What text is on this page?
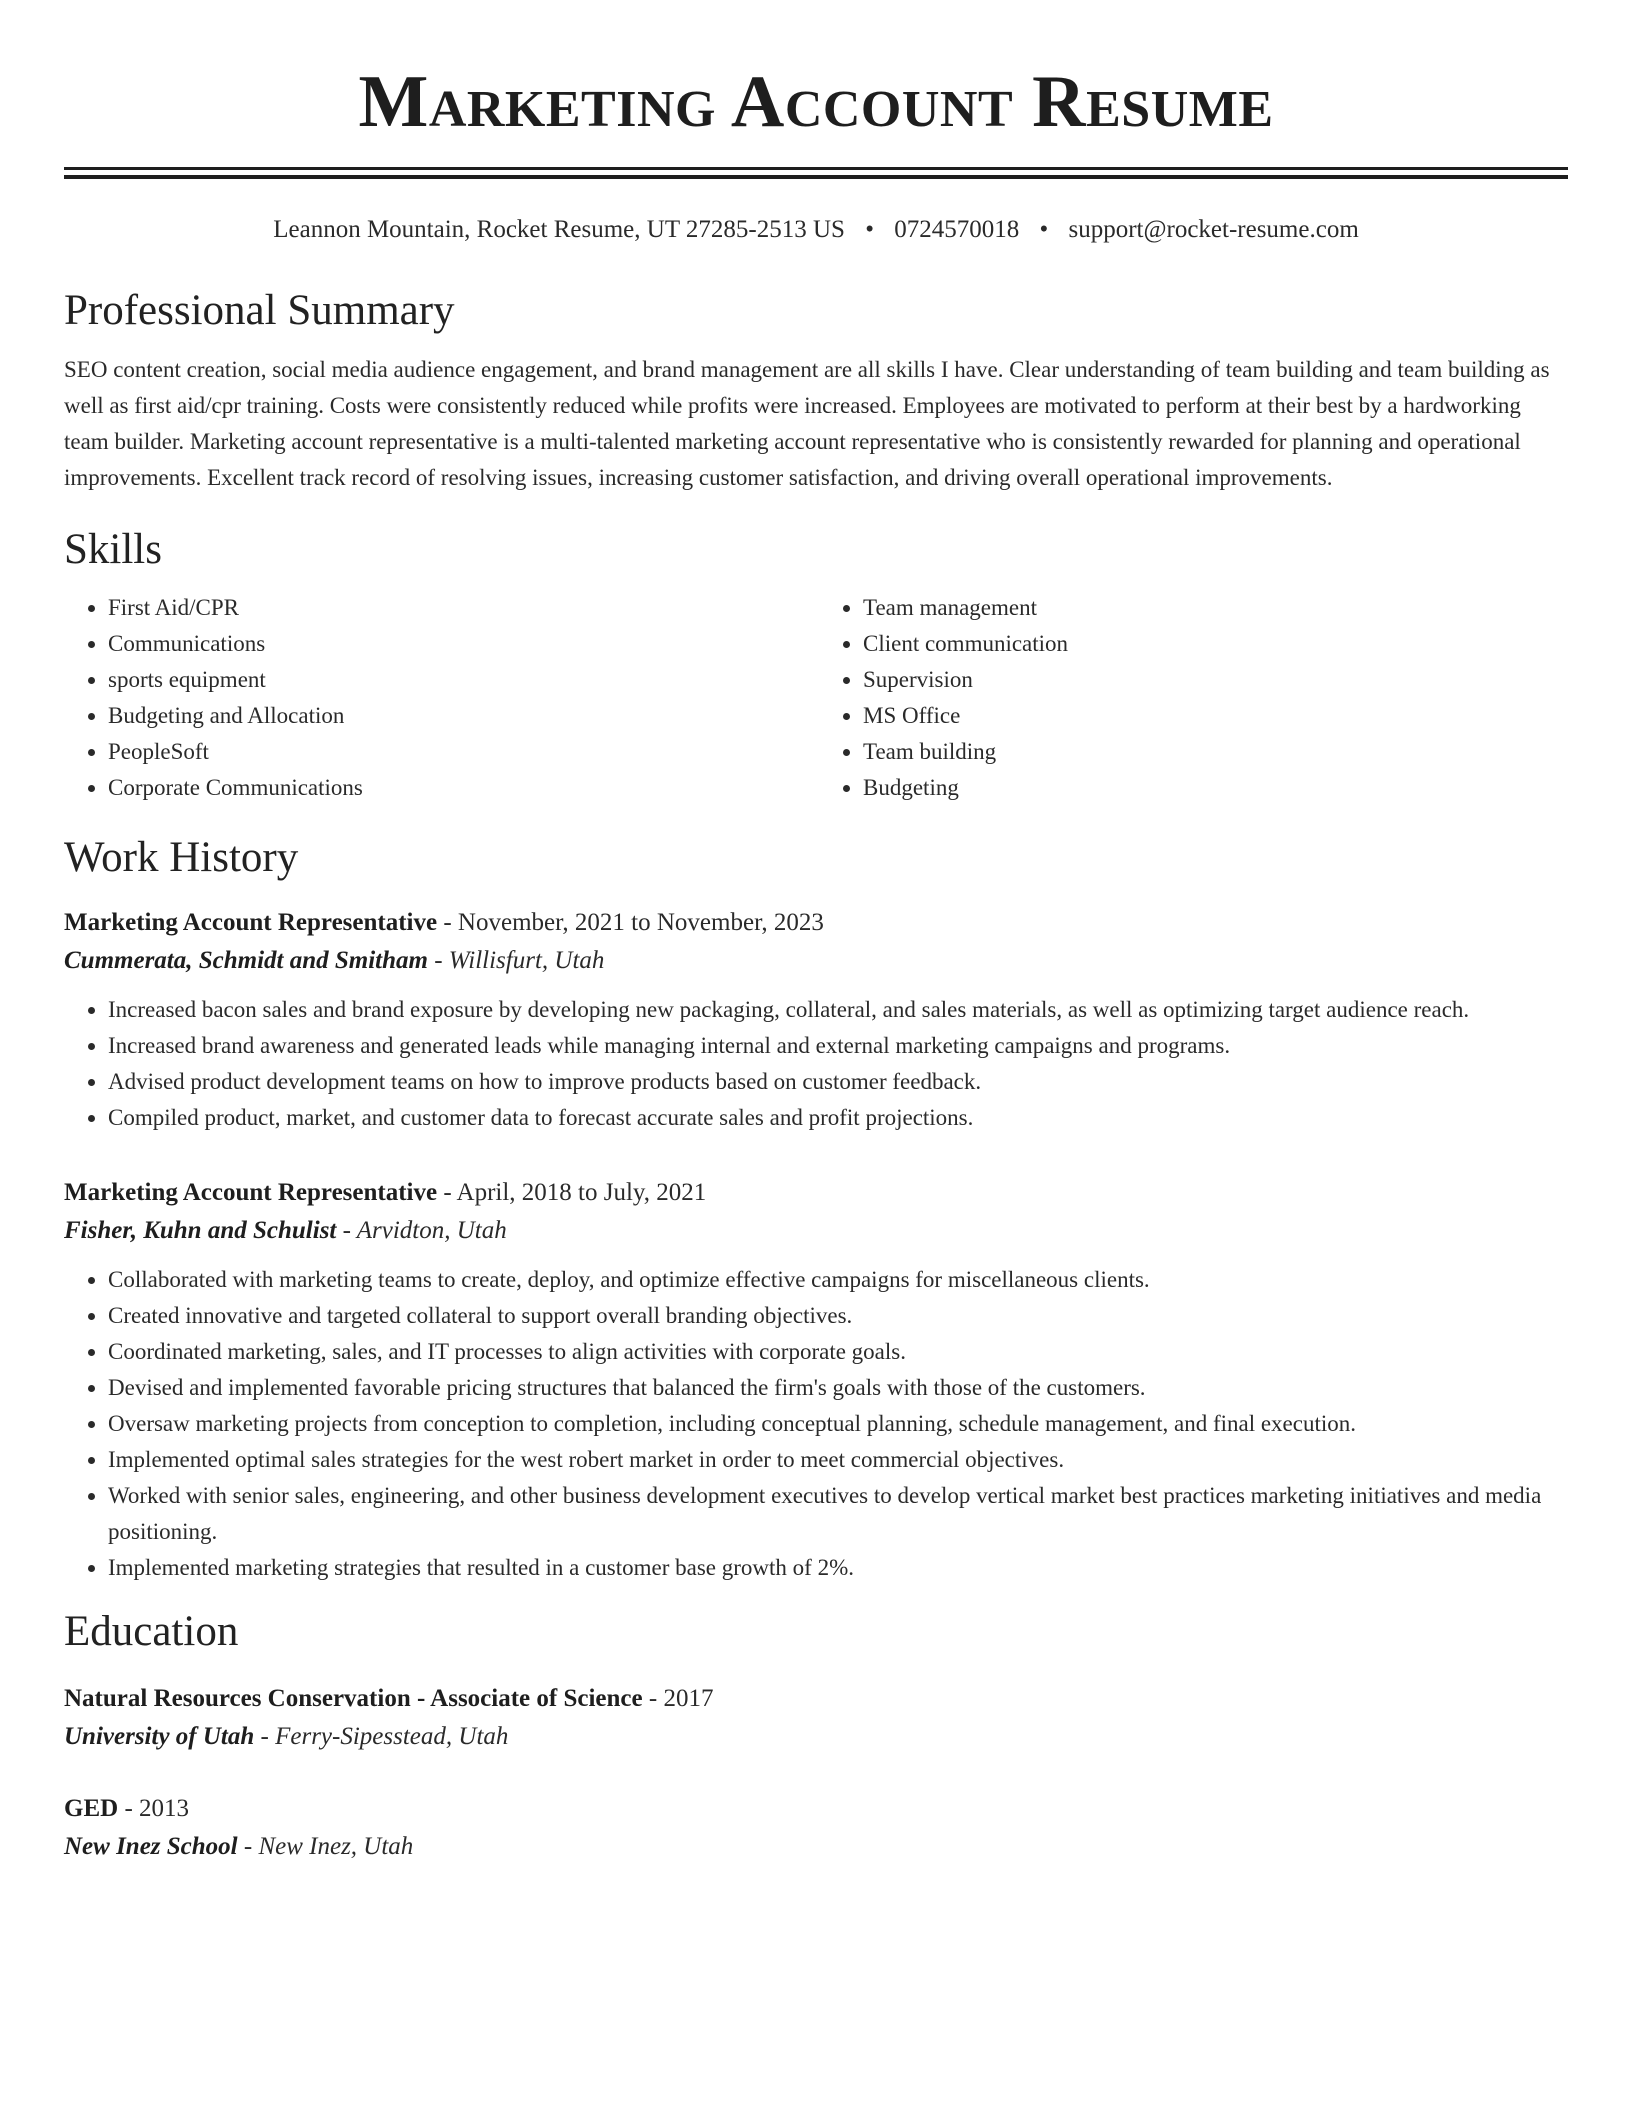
Marketing Account Resume
Leannon Mountain, Rocket Resume, UT 27285-2513 US • 0724570018 • support@rocket-resume.com
Professional Summary
SEO content creation, social media audience engagement, and brand management are all skills I have. Clear understanding of team building and team building as well as first aid/cpr training. Costs were consistently reduced while profits were increased. Employees are motivated to perform at their best by a hardworking team builder. Marketing account representative is a multi-talented marketing account representative who is consistently rewarded for planning and operational improvements. Excellent track record of resolving issues, increasing customer satisfaction, and driving overall operational improvements.
Skills
• First Aid/CPR
• Communications
• sports equipment
• Budgeting and Allocation
• PeopleSoft
• Corporate Communications
• Team management
• Client communication
• Supervision
• MS Office
• Team building
• Budgeting
Work History
Marketing Account Representative - November, 2021 to November, 2023
Cummerata, Schmidt and Smitham - Willisfurt, Utah
• Increased bacon sales and brand exposure by developing new packaging, collateral, and sales materials, as well as optimizing target audience reach.
• Increased brand awareness and generated leads while managing internal and external marketing campaigns and programs.
• Advised product development teams on how to improve products based on customer feedback.
• Compiled product, market, and customer data to forecast accurate sales and profit projections.
Marketing Account Representative - April, 2018 to July, 2021
Fisher, Kuhn and Schulist - Arvidton, Utah
• Collaborated with marketing teams to create, deploy, and optimize effective campaigns for miscellaneous clients.
• Created innovative and targeted collateral to support overall branding objectives.
• Coordinated marketing, sales, and IT processes to align activities with corporate goals.
• Devised and implemented favorable pricing structures that balanced the firm's goals with those of the customers.
• Oversaw marketing projects from conception to completion, including conceptual planning, schedule management, and final execution.
• Implemented optimal sales strategies for the west robert market in order to meet commercial objectives.
• Worked with senior sales, engineering, and other business development executives to develop vertical market best practices marketing initiatives and media positioning.
• Implemented marketing strategies that resulted in a customer base growth of 2%.
Education
Natural Resources Conservation - Associate of Science - 2017
University of Utah - Ferry-Sipesstead, Utah
GED - 2013
New Inez School - New Inez, Utah
